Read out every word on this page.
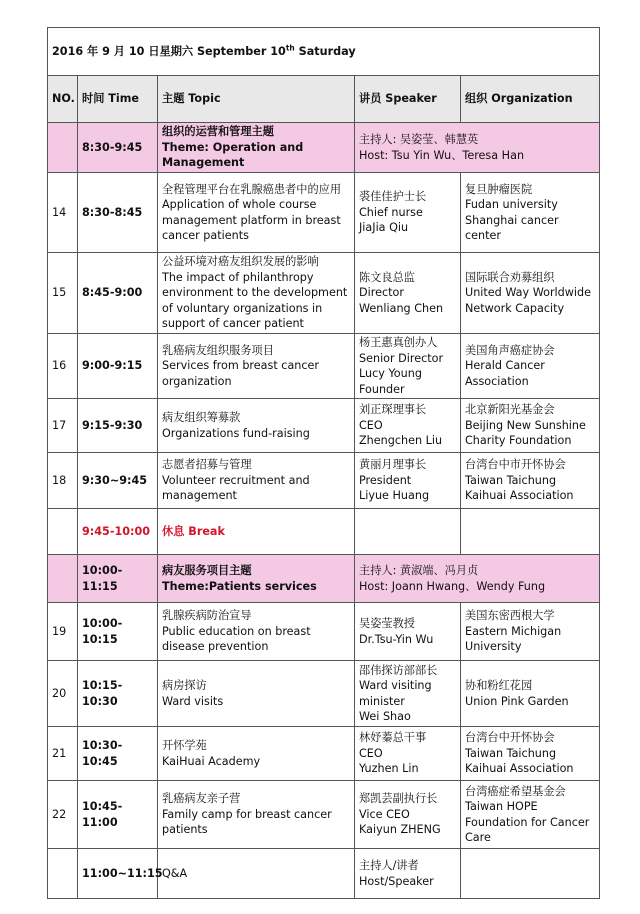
2016 年 9 月 10 日星期六 September 10th Saturday				
NO.	时间 Time	主题 Topic	讲员 Speaker	组织 Organization
	8:30-9:45	组织的运营和管理主题
Theme: Operation and Management	主持人: 吴姿莹、韩慧英
Host: Tsu Yin Wu、Teresa Han	

14	8:30-8:45	全程管理平台在乳腺癌患者中的应用
Application of whole course management platform in breast cancer patients	裘佳佳护士长
Chief nurse
JiaJia Qiu	复旦肿瘤医院
Fudan university
Shanghai cancer center

15	8:45-9:00	公益环境对癌友组织发展的影响
The impact of philanthropy environment to the development of voluntary organizations in support of cancer patient	陈文良总监
Director
Wenliang Chen	国际联合劝募组织
United Way Worldwide
Network Capacity

16	9:00-9:15	乳癌病友组织服务项目
Services from breast cancer organization	杨王惠真创办人
Senior Director
Lucy Young
Founder	美国角声癌症协会
Herald Cancer
Association

17	9:15-9:30	病友组织筹募款
Organizations fund-raising	刘正琛理事长
CEO
Zhengchen Liu	北京新阳光基金会
Beijing New Sunshine
Charity Foundation

18	9:30~9:45	志愿者招募与管理
Volunteer recruitment and management	黄丽月理事长
President
Liyue Huang	台湾台中市开怀协会
Taiwan Taichung
Kaihuai Association

	9:45-10:00	休息 Break		
	10:00-11:15	病友服务项目主题
Theme:Patients services	主持人: 黄淑端、冯月贞
Host: Joann Hwang、Wendy Fung	

19	10:00-10:15	乳腺疾病防治宣导
Public education on breast disease prevention	吴姿莹教授
Dr.Tsu-Yin Wu	美国东密西根大学
Eastern Michigan
University

20	10:15-10:30	病房探访
Ward visits	邵伟探访部部长
Ward visiting
minister
Wei Shao	协和粉红花园
Union Pink Garden

21	10:30-10:45	开怀学苑
KaiHuai Academy	林妤蓁总干事
CEO
Yuzhen Lin	台湾台中开怀协会
Taiwan Taichung
Kaihuai Association

22	10:45-11:00	乳癌病友亲子营
Family camp for breast cancer patients	郑凯芸副执行长
Vice CEO
Kaiyun ZHENG	台湾癌症希望基金会
Taiwan HOPE
Foundation for Cancer
Care

	11:00~11:15	Q&A	主持人/讲者
Host/Speaker	
